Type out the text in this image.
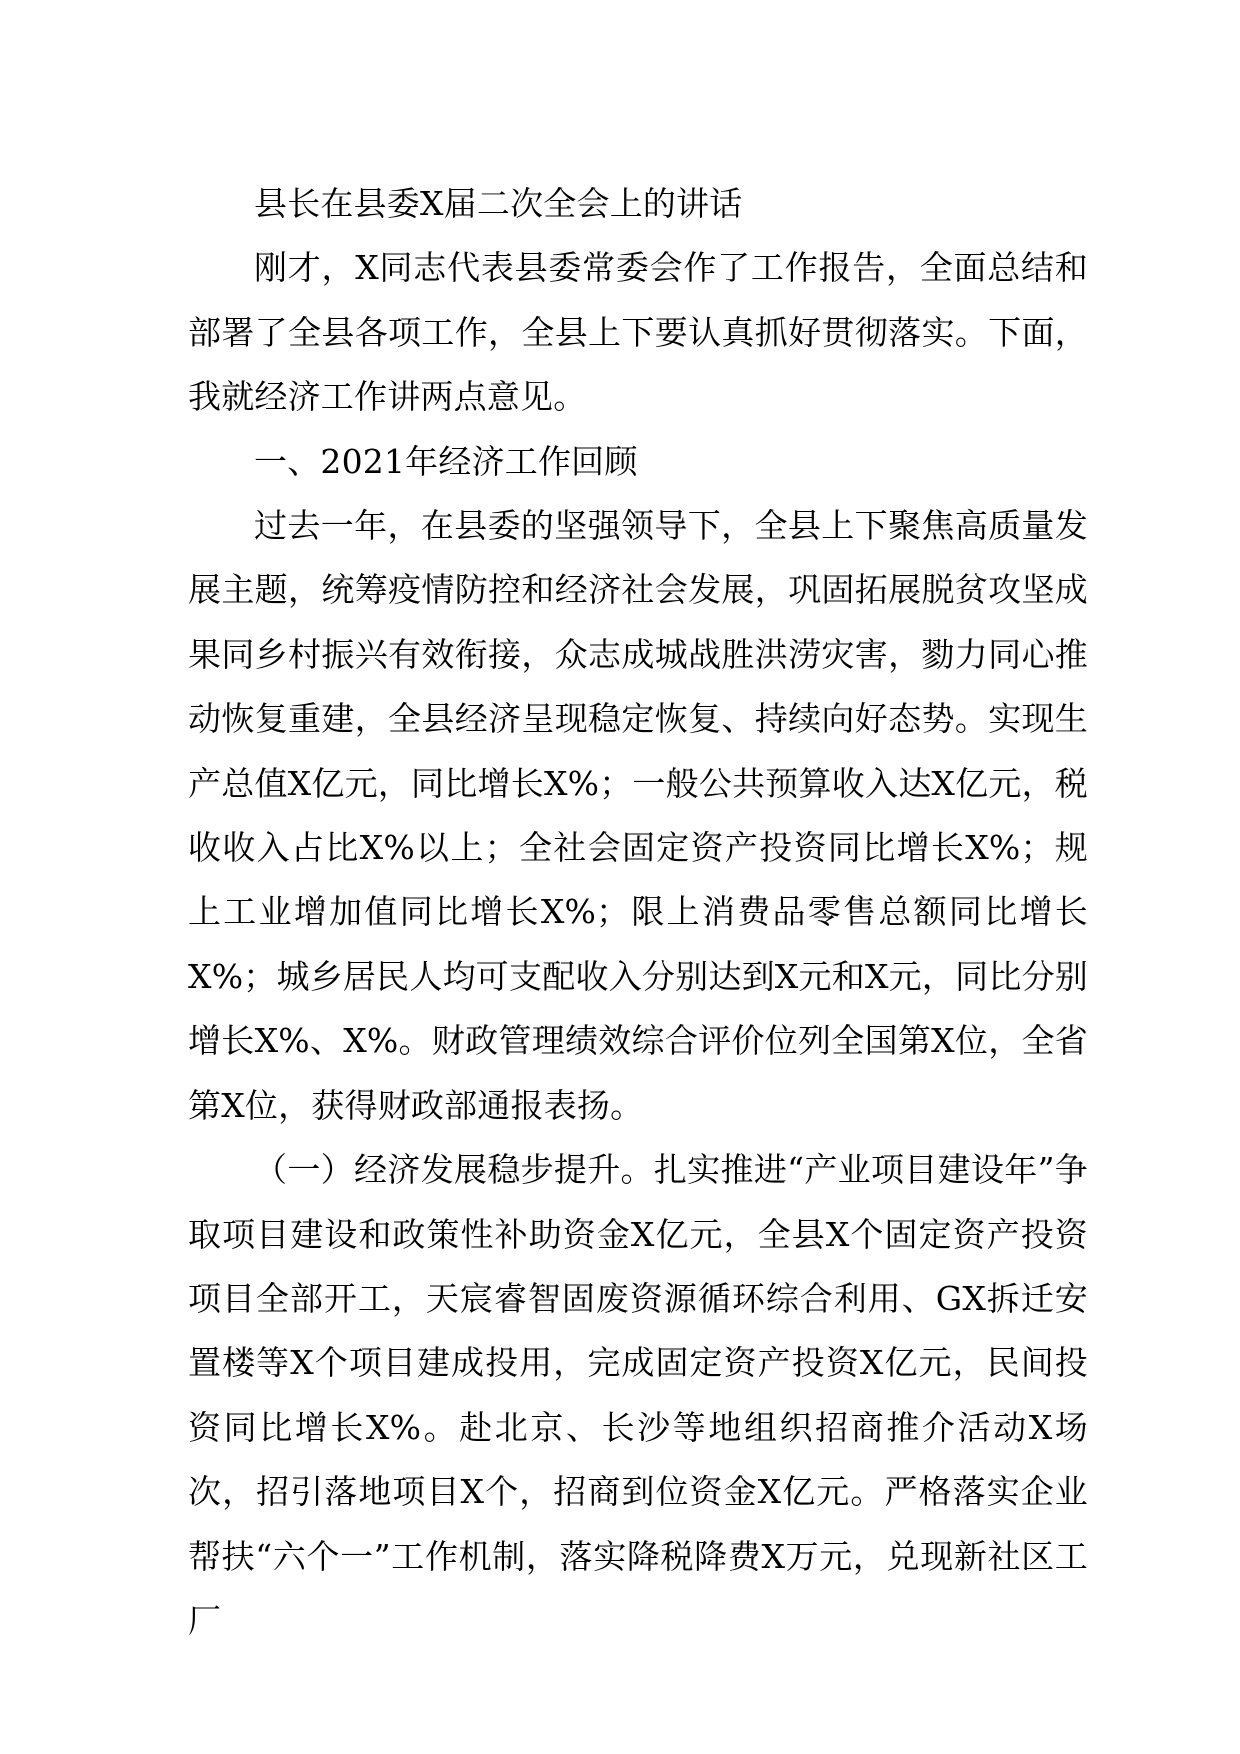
县长在县委X届二次全会上的讲话

刚才，X同志代表县委常委会作了工作报告，全面总结和部署了全县各项工作，全县上下要认真抓好贯彻落实。下面，我就经济工作讲两点意见。

一、2021年经济工作回顾

过去一年，在县委的坚强领导下，全县上下聚焦高质量发展主题，统筹疫情防控和经济社会发展，巩固拓展脱贫攻坚成果同乡村振兴有效衔接，众志成城战胜洪涝灾害，勠力同心推动恢复重建，全县经济呈现稳定恢复、持续向好态势。实现生产总值X亿元，同比增长X%；一般公共预算收入达X亿元，税收收入占比X%以上；全社会固定资产投资同比增长X%；规上工业增加值同比增长X%；限上消费品零售总额同比增长X%；城乡居民人均可支配收入分别达到X元和X元，同比分别增长X%、X%。财政管理绩效综合评价位列全国第X位，全省第X位，获得财政部通报表扬。

（一）经济发展稳步提升。扎实推进“产业项目建设年”争取项目建设和政策性补助资金X亿元，全县X个固定资产投资项目全部开工，天宸睿智固废资源循环综合利用、GX拆迁安置楼等X个项目建成投用，完成固定资产投资X亿元，民间投资同比增长X%。赴北京、长沙等地组织招商推介活动X场次，招引落地项目X个，招商到位资金X亿元。严格落实企业帮扶“六个一”工作机制，落实降税降费X万元，兑现新社区工厂
